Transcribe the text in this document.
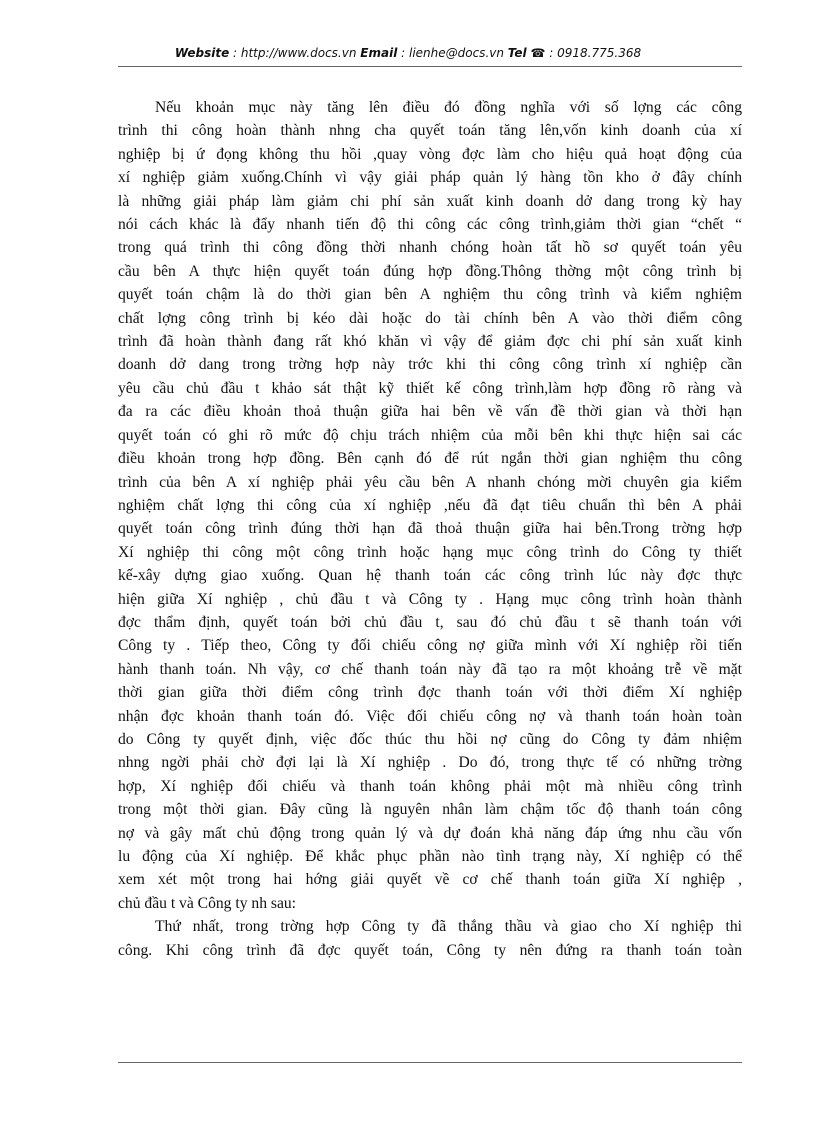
Website : http://www.docs.vn Email : lienhe@docs.vn Tel ☎ : 0918.775.368
Nếu khoản mục này tăng lên điều đó đồng nghĩa với số lợng các công
trình thi công hoàn thành nhng cha quyết toán tăng lên,vốn kinh doanh của xí
nghiệp bị ứ đọng không thu hồi ,quay vòng đợc làm cho hiệu quả hoạt động của
xí nghiệp giảm xuống.Chính vì vậy giải pháp quản lý hàng tồn kho ở đây chính
là những giải pháp làm giảm chi phí sản xuất kinh doanh dở dang trong kỳ hay
nói cách khác là đẩy nhanh tiến độ thi công các công trình,giảm thời gian “chết “
trong quá trình thi công đồng thời nhanh chóng hoàn tất hồ sơ quyết toán yêu
cầu bên A thực hiện quyết toán đúng hợp đồng.Thông thờng một công trình bị
quyết toán chậm là do thời gian bên A nghiệm thu công trình và kiểm nghiệm
chất lợng công trình bị kéo dài hoặc do tài chính bên A vào thời điểm công
trình đã hoàn thành đang rất khó khăn vì vậy để giảm đợc chi phí sản xuất kinh
doanh dở dang trong trờng hợp này trớc khi thi công công trình xí nghiệp cần
yêu cầu chủ đầu t khảo sát thật kỹ thiết kế công trình,làm hợp đồng rõ ràng và
đa ra các điều khoản thoả thuận giữa hai bên về vấn đề thời gian và thời hạn
quyết toán có ghi rõ mức độ chịu trách nhiệm của mỗi bên khi thực hiện sai các
điều khoản trong hợp đồng. Bên cạnh đó để rút ngắn thời gian nghiệm thu công
trình của bên A xí nghiệp phải yêu cầu bên A nhanh chóng mời chuyên gia kiểm
nghiệm chất lợng thi công của xí nghiệp ,nếu đã đạt tiêu chuẩn thì bên A phải
quyết toán công trình đúng thời hạn đã thoả thuận giữa hai bên.Trong trờng hợp
Xí nghiệp thi công một công trình hoặc hạng mục công trình do Công ty thiết
kế-xây dựng giao xuống. Quan hệ thanh toán các công trình lúc này đợc thực
hiện giữa Xí nghiệp , chủ đầu t và Công ty . Hạng mục công trình hoàn thành
đợc thẩm định, quyết toán bởi chủ đầu t, sau đó chủ đầu t sẽ thanh toán với
Công ty . Tiếp theo, Công ty đối chiếu công nợ giữa mình với Xí nghiệp rồi tiến
hành thanh toán. Nh vậy, cơ chế thanh toán này đã tạo ra một khoảng trễ về mặt
thời gian giữa thời điểm công trình đợc thanh toán với thời điểm Xí nghiệp
nhận đợc khoản thanh toán đó. Việc đối chiếu công nợ và thanh toán hoàn toàn
do Công ty quyết định, việc đốc thúc thu hồi nợ cũng do Công ty đảm nhiệm
nhng ngời phải chờ đợi lại là Xí nghiệp . Do đó, trong thực tế có những trờng
hợp, Xí nghiệp đối chiếu và thanh toán không phải một mà nhiều công trình
trong một thời gian. Đây cũng là nguyên nhân làm chậm tốc độ thanh toán công
nợ và gây mất chủ động trong quản lý và dự đoán khả năng đáp ứng nhu cầu vốn
lu động của Xí nghiệp. Để khắc phục phần nào tình trạng này, Xí nghiệp có thể
xem xét một trong hai hớng giải quyết về cơ chế thanh toán giữa Xí nghiệp ,
chủ đầu t và Công ty nh sau:
Thứ nhất, trong trờng hợp Công ty đã thắng thầu và giao cho Xí nghiệp thi
công. Khi công trình đã đợc quyết toán, Công ty nên đứng ra thanh toán toàn
